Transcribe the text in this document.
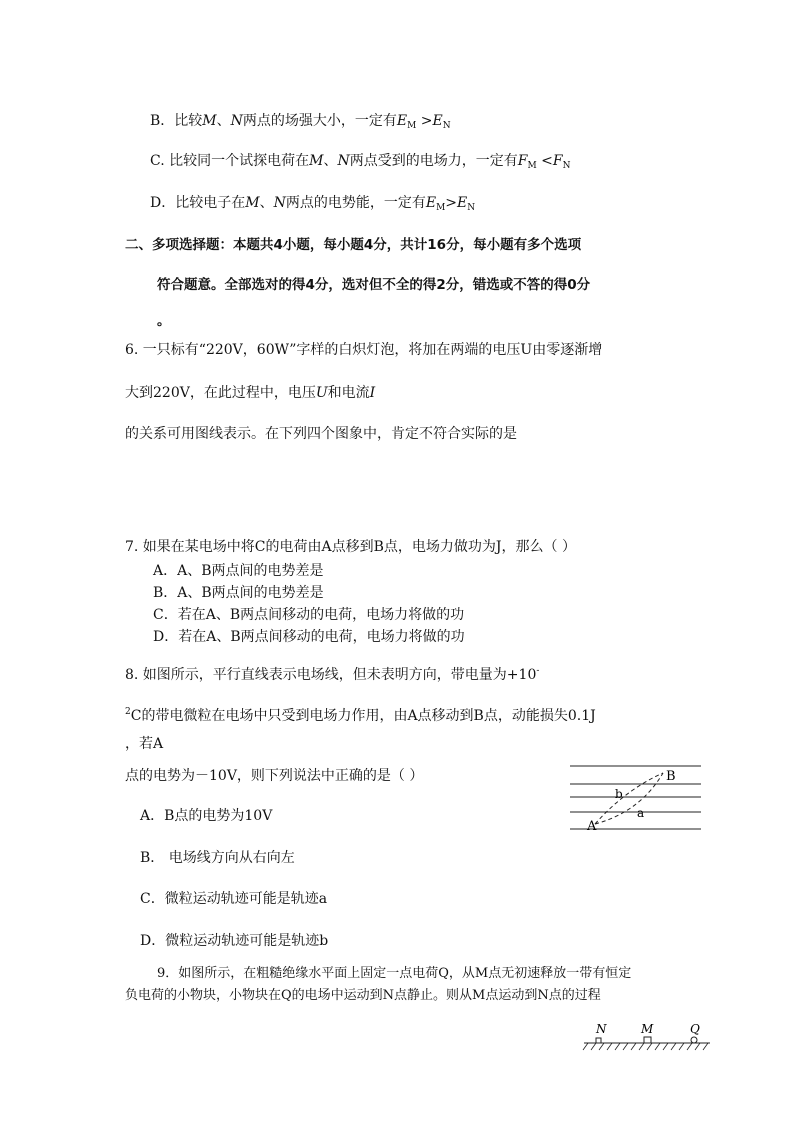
B．比较M、N两点的场强大小，一定有$E_M >E_N$
C. 比较同一个试探电荷在M、N两点受到的电场力，一定有$F_M <F_N$
D．比较电子在M、N两点的电势能，一定有$E_M>E_N$
二、多项选择题：本题共4小题，每小题4分，共计16分，每小题有多个选项
符合题意。全部选对的得4分，选对但不全的得2分，错选或不答的得0分
。
6. 一只标有“220V，60W”字样的白炽灯泡，将加在两端的电压U由零逐渐增
大到220V，在此过程中，电压U和电流I
的关系可用图线表示。在下列四个图象中，肯定不符合实际的是
7. 如果在某电场中将C的电荷由A点移到B点，电场力做功为J，那么（ ）
A．A、B两点间的电势差是
B．A、B两点间的电势差是
C．若在A、B两点间移动的电荷，电场力将做的功
D．若在A、B两点间移动的电荷，电场力将做的功
8. 如图所示，平行直线表示电场线，但未表明方向，带电量为+10-
$^2$C的带电微粒在电场中只受到电场力作用，由A点移动到B点，动能损失0.1J
，若A
点的电势为－10V，则下列说法中正确的是（ ）
A．B点的电势为10V
B． 电场线方向从右向左
C．微粒运动轨迹可能是轨迹a
D．微粒运动轨迹可能是轨迹b
A
B
a
b
9．如图所示，在粗糙绝缘水平面上固定一点电荷Q，从M点无初速释放一带有恒定
负电荷的小物块，小物块在Q的电场中运动到N点静止。则从M点运动到N点的过程
N	M	Q
